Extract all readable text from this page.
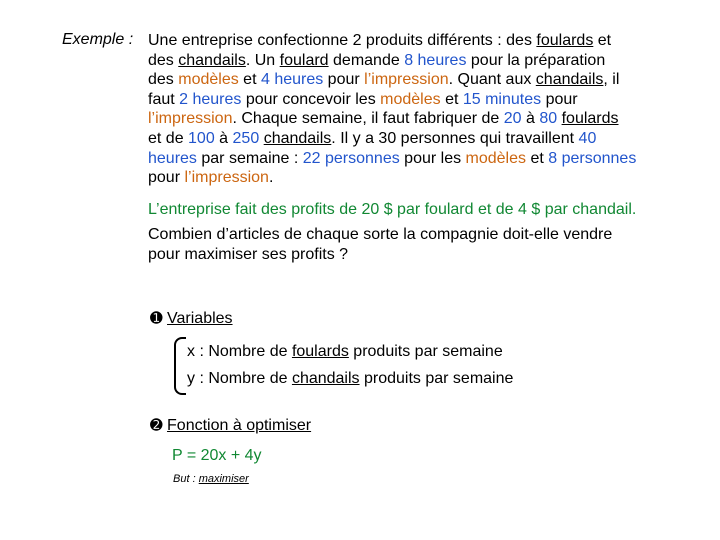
Exemple : Une entreprise confectionne 2 produits différents : des foulards et
des chandails. Un foulard demande 8 heures pour la préparation
des modèles et 4 heures pour l’impression. Quant aux chandails, il
faut 2 heures pour concevoir les modèles et 15 minutes pour
l’impression. Chaque semaine, il faut fabriquer de 20 à 80 foulards
et de 100 à 250 chandails. Il y a 30 personnes qui travaillent 40
heures par semaine : 22 personnes pour les modèles et 8 personnes
pour l’impression.
L’entreprise fait des profits de 20 $ par foulard et de 4 $ par chandail.
Combien d’articles de chaque sorte la compagnie doit-elle vendre
pour maximiser ses profits ?
➊ Variables
x : Nombre de foulards produits par semaine
y : Nombre de chandails produits par semaine
➋ Fonction à optimiser
P = 20x + 4y
But : maximiser
